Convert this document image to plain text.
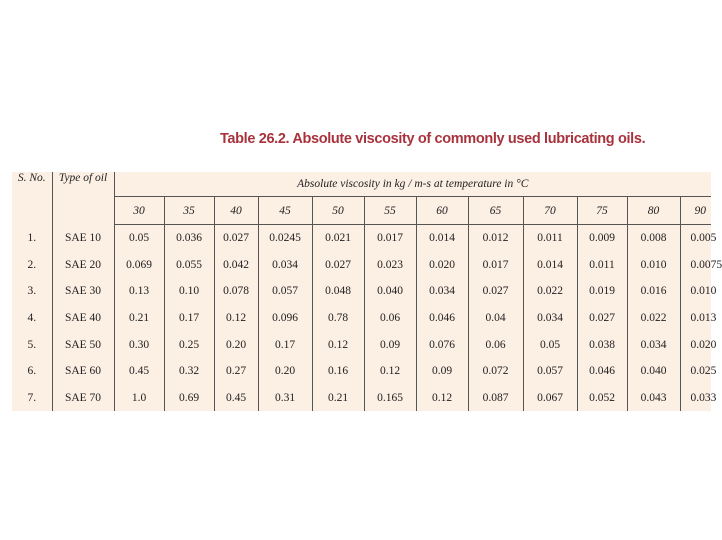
Table 26.2. Absolute viscosity of commonly used lubricating oils.
S. No.	Type of oil	Absolute viscosity in kg / m-s at temperature in °C											
		30	35	40	45	50	55	60	65	70	75	80	90
1.	SAE 10	0.05	0.036	0.027	0.0245	0.021	0.017	0.014	0.012	0.011	0.009	0.008	0.005
2.	SAE 20	0.069	0.055	0.042	0.034	0.027	0.023	0.020	0.017	0.014	0.011	0.010	0.0075
3.	SAE 30	0.13	0.10	0.078	0.057	0.048	0.040	0.034	0.027	0.022	0.019	0.016	0.010
4.	SAE 40	0.21	0.17	0.12	0.096	0.78	0.06	0.046	0.04	0.034	0.027	0.022	0.013
5.	SAE 50	0.30	0.25	0.20	0.17	0.12	0.09	0.076	0.06	0.05	0.038	0.034	0.020
6.	SAE 60	0.45	0.32	0.27	0.20	0.16	0.12	0.09	0.072	0.057	0.046	0.040	0.025
7.	SAE 70	1.0	0.69	0.45	0.31	0.21	0.165	0.12	0.087	0.067	0.052	0.043	0.033
